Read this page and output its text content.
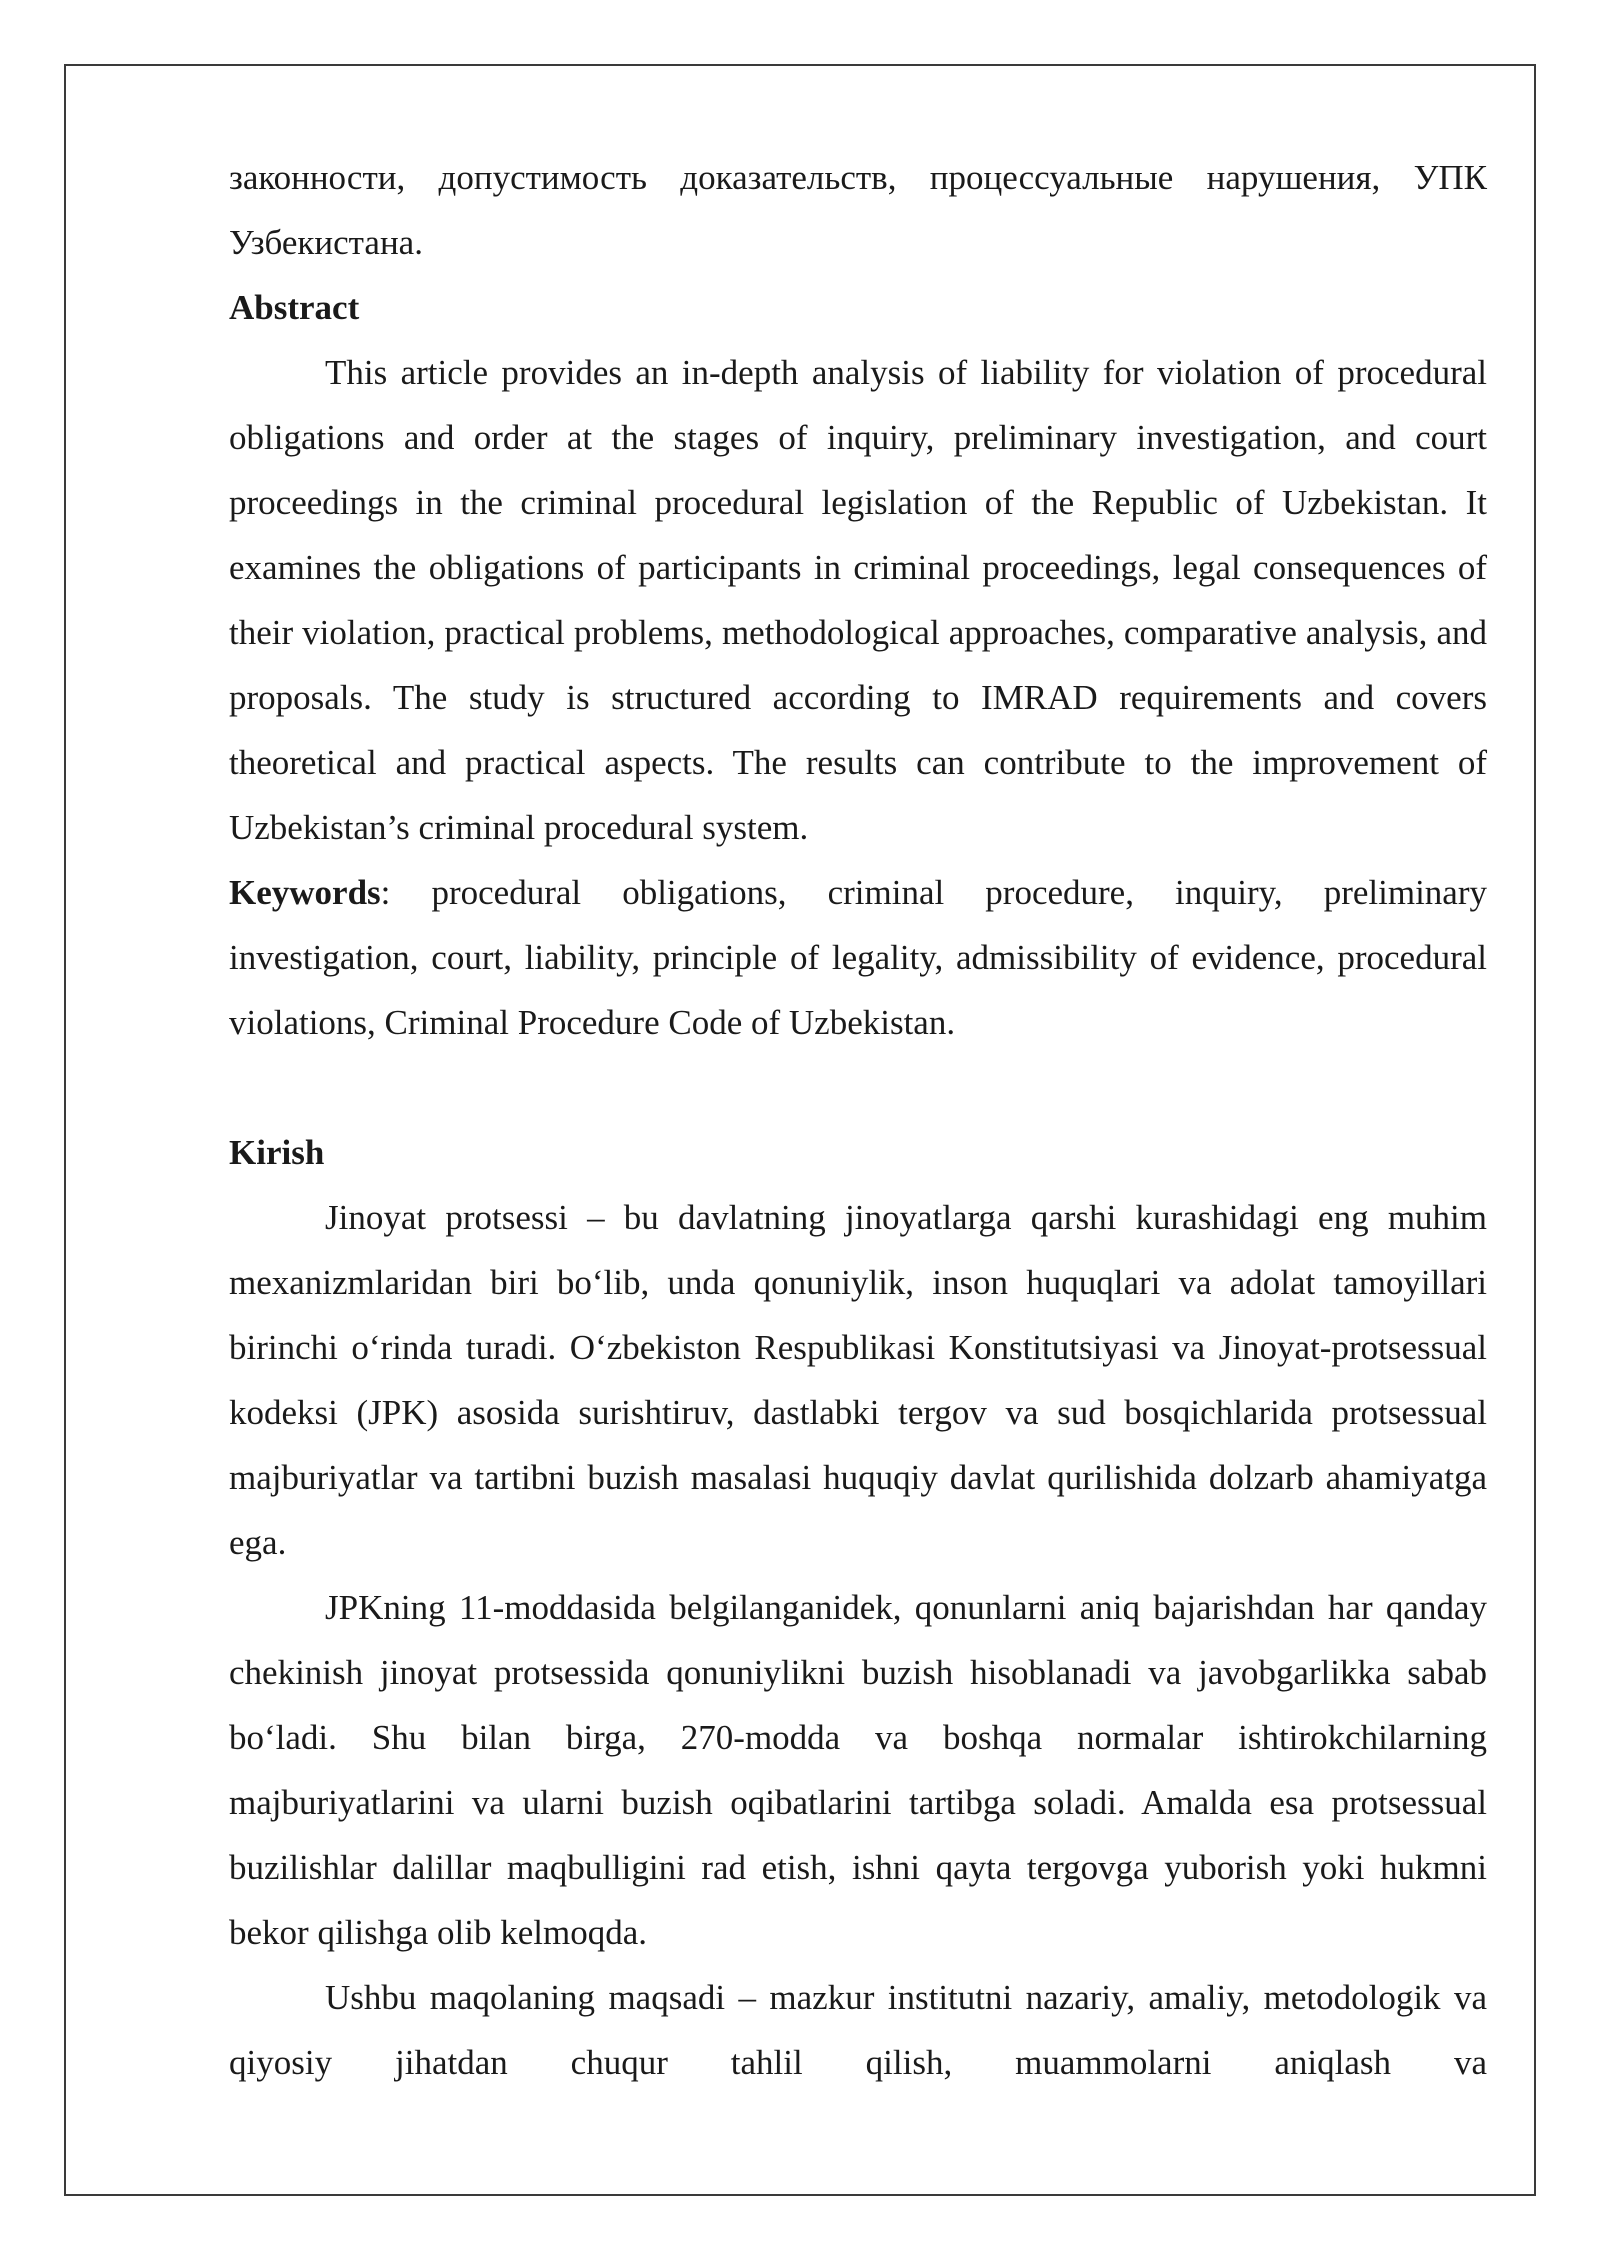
законности, допустимость доказательств, процессуальные нарушения, УПК Узбекистана.

Abstract

This article provides an in-depth analysis of liability for violation of procedural obligations and order at the stages of inquiry, preliminary investigation, and court proceedings in the criminal procedural legislation of the Republic of Uzbekistan. It examines the obligations of participants in criminal proceedings, legal consequences of their violation, practical problems, methodological approaches, comparative analysis, and proposals. The study is structured according to IMRAD requirements and covers theoretical and practical aspects. The results can contribute to the improvement of Uzbekistan’s criminal procedural system.

Keywords: procedural obligations, criminal procedure, inquiry, preliminary investigation, court, liability, principle of legality, admissibility of evidence, procedural violations, Criminal Procedure Code of Uzbekistan.

Kirish

Jinoyat protsessi – bu davlatning jinoyatlarga qarshi kurashidagi eng muhim mexanizmlaridan biri bo‘lib, unda qonuniylik, inson huquqlari va adolat tamoyillari birinchi o‘rinda turadi. O‘zbekiston Respublikasi Konstitutsiyasi va Jinoyat-protsessual kodeksi (JPK) asosida surishtiruv, dastlabki tergov va sud bosqichlarida protsessual majburiyatlar va tartibni buzish masalasi huquqiy davlat qurilishida dolzarb ahamiyatga ega.

JPKning 11-moddasida belgilanganidek, qonunlarni aniq bajarishdan har qanday chekinish jinoyat protsessida qonuniylikni buzish hisoblanadi va javobgarlikka sabab bo‘ladi. Shu bilan birga, 270-modda va boshqa normalar ishtirokchilarning majburiyatlarini va ularni buzish oqibatlarini tartibga soladi. Amalda esa protsessual buzilishlar dalillar maqbulligini rad etish, ishni qayta tergovga yuborish yoki hukmni bekor qilishga olib kelmoqda.

Ushbu maqolaning maqsadi – mazkur institutni nazariy, amaliy, metodologik va qiyosiy jihatdan chuqur tahlil qilish, muammolarni aniqlash va
